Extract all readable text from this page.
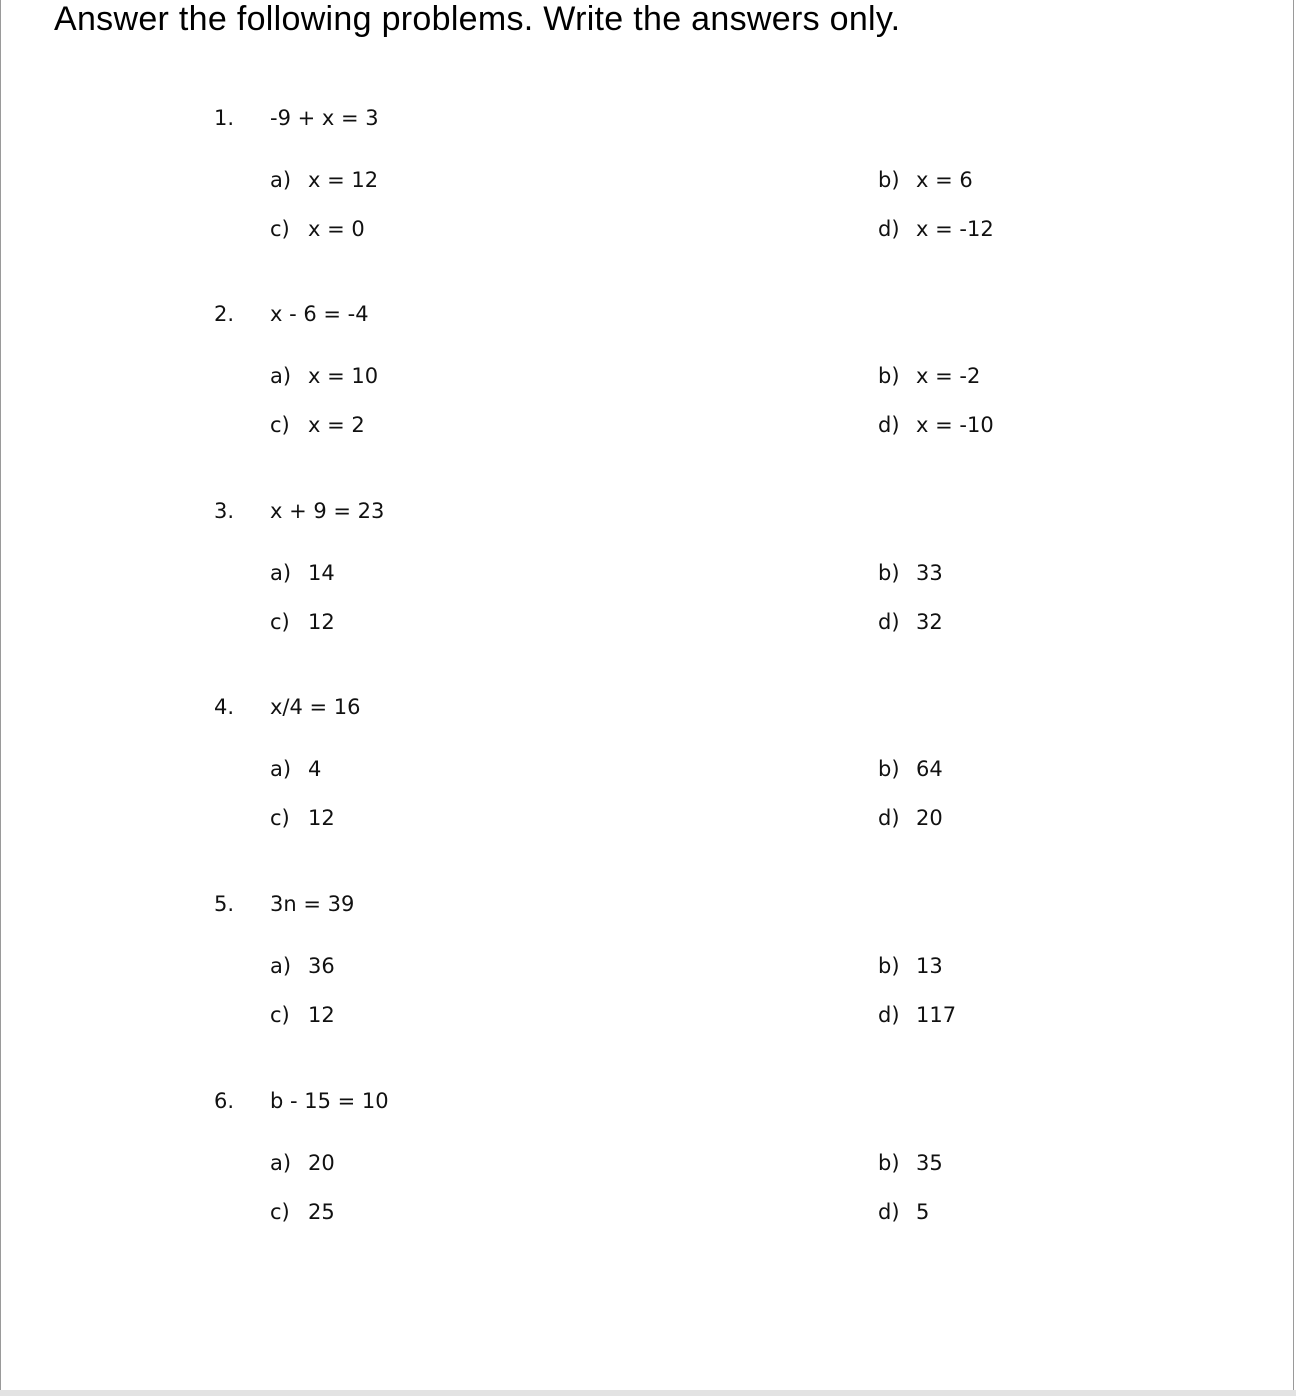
Answer the following problems. Write the answers only.
1. -9 + x = 3
a) x = 12	b) x = 6
c) x = 0	d) x = -12
2. x - 6 = -4
a) x = 10	b) x = -2
c) x = 2	d) x = -10
3. x + 9 = 23
a) 14	b) 33
c) 12	d) 32
4. x/4 = 16
a) 4	b) 64
c) 12	d) 20
5. 3n = 39
a) 36	b) 13
c) 12	d) 117
6. b - 15 = 10
a) 20	b) 35
c) 25	d) 5
